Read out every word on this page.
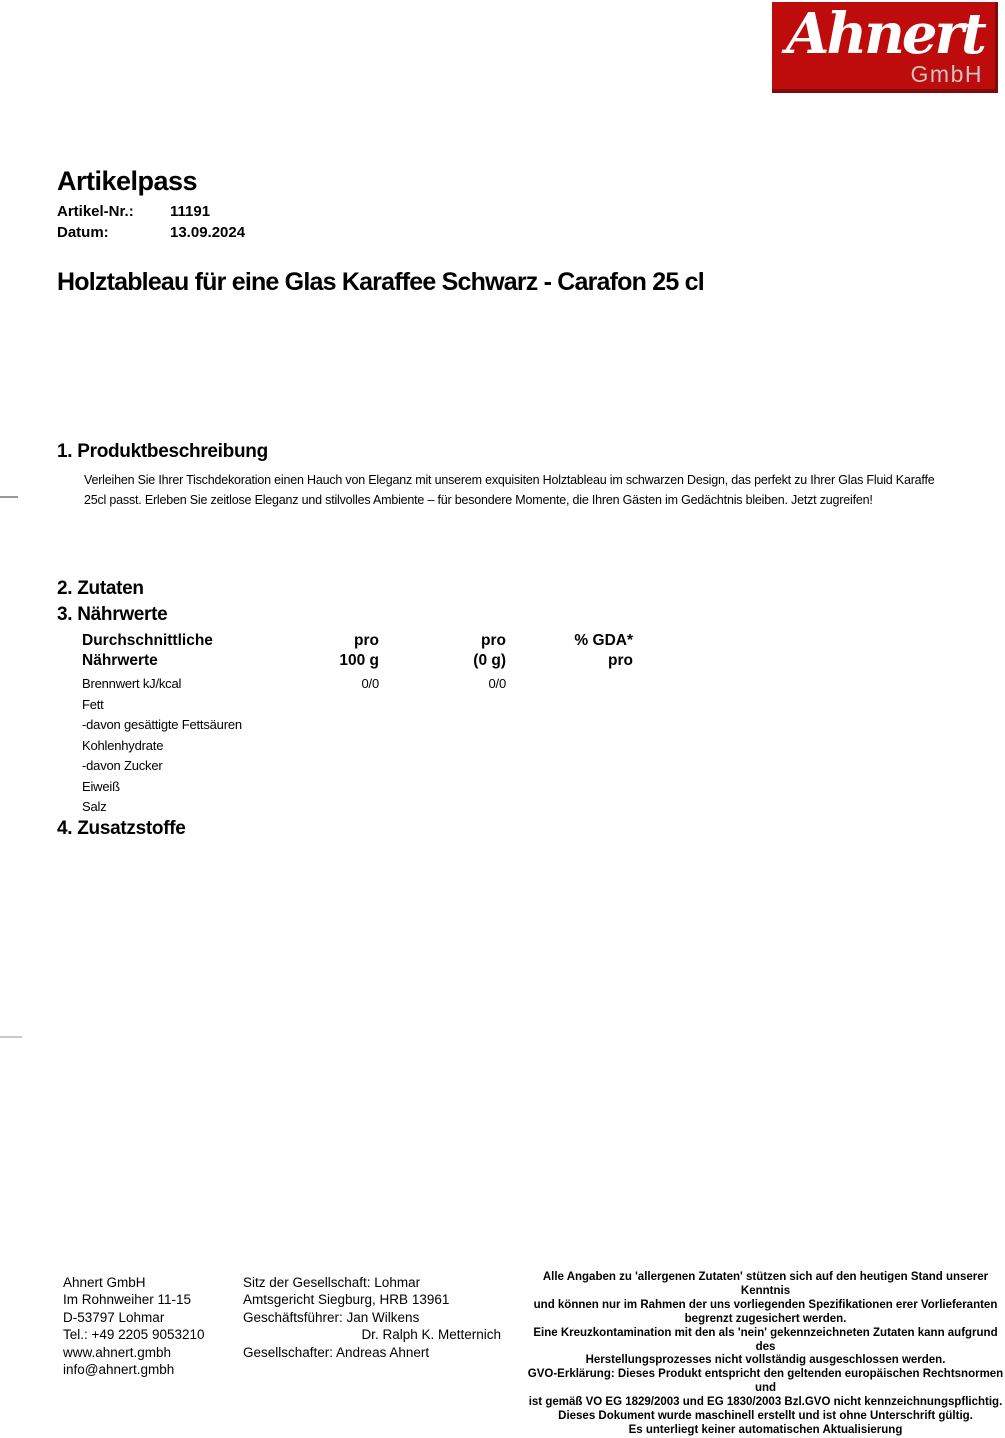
Ahnert
GmbH
Artikelpass
Artikel-Nr.:	11191
Datum:	13.09.2024
Holztableau für eine Glas Karaffee Schwarz - Carafon 25 cl
1. Produktbeschreibung
Verleihen Sie Ihrer Tischdekoration einen Hauch von Eleganz mit unserem exquisiten Holztableau im schwarzen Design, das perfekt zu Ihrer Glas Fluid Karaffe 25cl passt. Erleben Sie zeitlose Eleganz und stilvolles Ambiente – für besondere Momente, die Ihren Gästen im Gedächtnis bleiben. Jetzt zugreifen!
2. Zutaten
3. Nährwerte
Durchschnittliche	pro	pro	% GDA*
Nährwerte	100 g	(0 g)	pro
Brennwert kJ/kcal	0/0	0/0
Fett
-davon gesättigte Fettsäuren
Kohlenhydrate
-davon Zucker
Eiweiß
Salz
4. Zusatzstoffe
Ahnert GmbH
Im Rohnweiher 11-15
D-53797 Lohmar
Tel.: +49 2205 9053210
www.ahnert.gmbh
info@ahnert.gmbh
Sitz der Gesellschaft: Lohmar
Amtsgericht Siegburg, HRB 13961
Geschäftsführer: Jan Wilkens
Dr. Ralph K. Metternich
Gesellschafter: Andreas Ahnert
Alle Angaben zu 'allergenen Zutaten' stützen sich auf den heutigen Stand unserer Kenntnis
und können nur im Rahmen der uns vorliegenden Spezifikationen erer Vorlieferanten
begrenzt zugesichert werden.
Eine Kreuzkontamination mit den als 'nein' gekennzeichneten Zutaten kann aufgrund des
Herstellungsprozesses nicht vollständig ausgeschlossen werden.
GVO-Erklärung: Dieses Produkt entspricht den geltenden europäischen Rechtsnormen und
ist gemäß VO EG 1829/2003 und EG 1830/2003 Bzl.GVO nicht kennzeichnungspflichtig.
Dieses Dokument wurde maschinell erstellt und ist ohne Unterschrift gültig.
Es unterliegt keiner automatischen Aktualisierung
